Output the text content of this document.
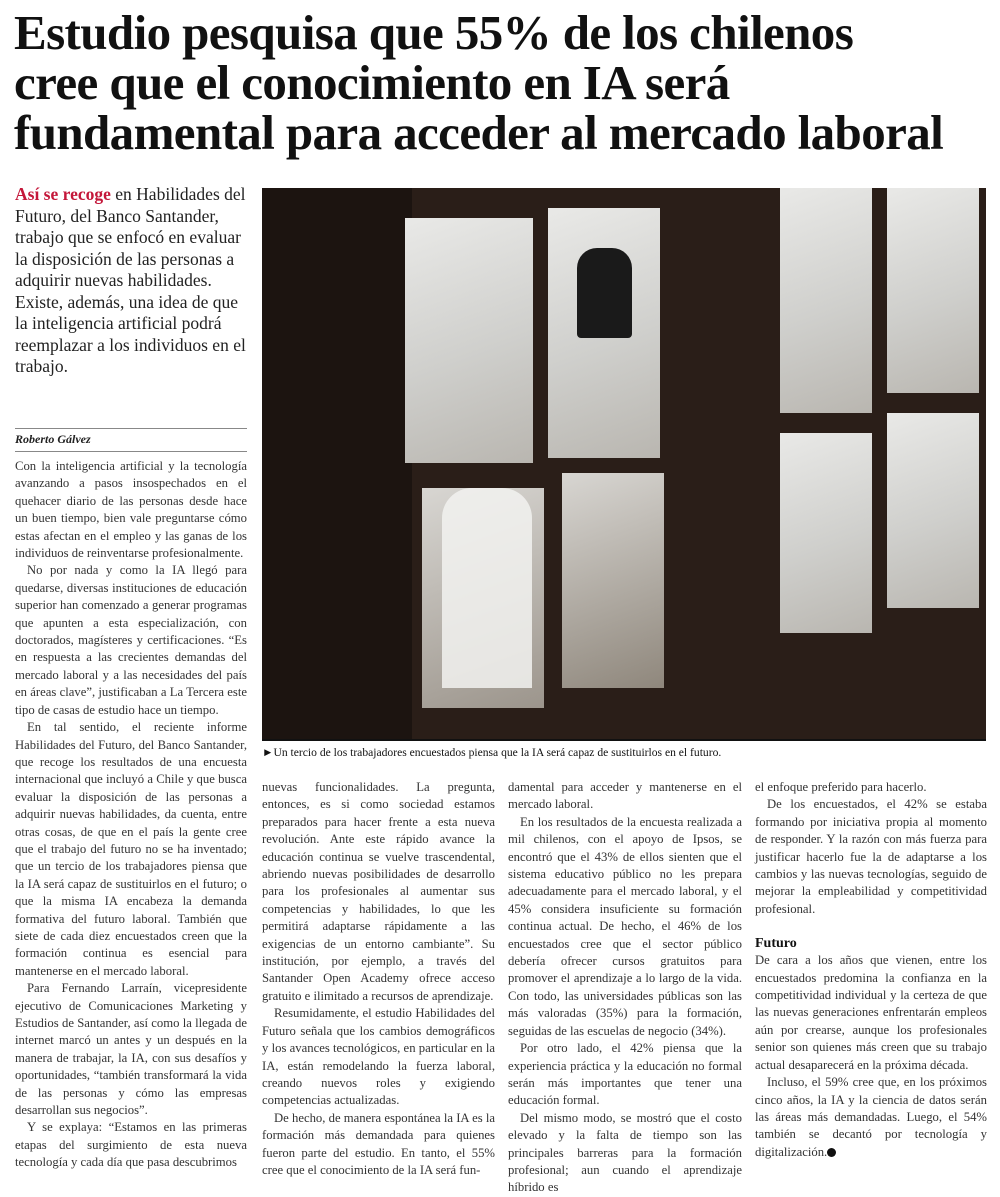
Estudio pesquisa que 55% de los chilenos
cree que el conocimiento en IA será
fundamental para acceder al mercado laboral
Así se recoge en Habilidades del Futuro, del Banco Santander, trabajo que se enfocó en evaluar la disposición de las personas a adquirir nuevas habilidades. Existe, además, una idea de que la inteligencia artificial podrá reemplazar a los individuos en el trabajo.
Roberto Gálvez

Con la inteligencia artificial y la tecnología avanzando a pasos insospechados en el quehacer diario de las personas desde hace un buen tiempo, bien vale preguntarse cómo estas afectan en el empleo y las ganas de los individuos de reinventarse profesionalmente.

No por nada y como la IA llegó para quedarse, diversas instituciones de educación superior han comenzado a generar programas que apunten a esta especialización, con doctorados, magísteres y certificaciones. “Es en respuesta a las crecientes demandas del mercado laboral y a las necesidades del país en áreas clave”, justificaban a La Tercera este tipo de casas de estudio hace un tiempo.

En tal sentido, el reciente informe Habilidades del Futuro, del Banco Santander, que recoge los resultados de una encuesta internacional que incluyó a Chile y que busca evaluar la disposición de las personas a adquirir nuevas habilidades, da cuenta, entre otras cosas, de que en el país la gente cree que el trabajo del futuro no se ha inventado; que un tercio de los trabajadores piensa que la IA será capaz de sustituirlos en el futuro; o que la misma IA encabeza la demanda formativa del futuro laboral. También que siete de cada diez encuestados creen que la formación continua es esencial para mantenerse en el mercado laboral.

Para Fernando Larraín, vicepresidente ejecutivo de Comunicaciones Marketing y Estudios de Santander, así como la llegada de internet marcó un antes y un después en la manera de trabajar, la IA, con sus desafíos y oportunidades, “también transformará la vida de las personas y cómo las empresas desarrollan sus negocios”.

Y se explaya: “Estamos en las primeras etapas del surgimiento de esta nueva tecnología y cada día que pasa descubrimos

►Un tercio de los trabajadores encuestados piensa que la IA será capaz de sustituirlos en el futuro.

nuevas funcionalidades. La pregunta, entonces, es si como sociedad estamos preparados para hacer frente a esta nueva revolución. Ante este rápido avance la educación continua se vuelve trascendental, abriendo nuevas posibilidades de desarrollo para los profesionales al aumentar sus competencias y habilidades, lo que les permitirá adaptarse rápidamente a las exigencias de un entorno cambiante”. Su institución, por ejemplo, a través del Santander Open Academy ofrece acceso gratuito e ilimitado a recursos de aprendizaje.

Resumidamente, el estudio Habilidades del Futuro señala que los cambios demográficos y los avances tecnológicos, en particular en la IA, están remodelando la fuerza laboral, creando nuevos roles y exigiendo competencias actualizadas.

De hecho, de manera espontánea la IA es la formación más demandada para quienes fueron parte del estudio. En tanto, el 55% cree que el conocimiento de la IA será fun-

damental para acceder y mantenerse en el mercado laboral.

En los resultados de la encuesta realizada a mil chilenos, con el apoyo de Ipsos, se encontró que el 43% de ellos sienten que el sistema educativo público no les prepara adecuadamente para el mercado laboral, y el 45% considera insuficiente su formación continua actual. De hecho, el 46% de los encuestados cree que el sector público debería ofrecer cursos gratuitos para promover el aprendizaje a lo largo de la vida. Con todo, las universidades públicas son las más valoradas (35%) para la formación, seguidas de las escuelas de negocio (34%).

Por otro lado, el 42% piensa que la experiencia práctica y la educación no formal serán más importantes que tener una educación formal.

Del mismo modo, se mostró que el costo elevado y la falta de tiempo son las principales barreras para la formación profesional; aun cuando el aprendizaje híbrido es

el enfoque preferido para hacerlo.

De los encuestados, el 42% se estaba formando por iniciativa propia al momento de responder. Y la razón con más fuerza para justificar hacerlo fue la de adaptarse a los cambios y las nuevas tecnologías, seguido de mejorar la empleabilidad y competitividad profesional.

Futuro

De cara a los años que vienen, entre los encuestados predomina la confianza en la competitividad individual y la certeza de que las nuevas generaciones enfrentarán empleos aún por crearse, aunque los profesionales senior son quienes más creen que su trabajo actual desaparecerá en la próxima década.

Incluso, el 59% cree que, en los próximos cinco años, la IA y la ciencia de datos serán las áreas más demandadas. Luego, el 54% también se decantó por tecnología y digitalización.
